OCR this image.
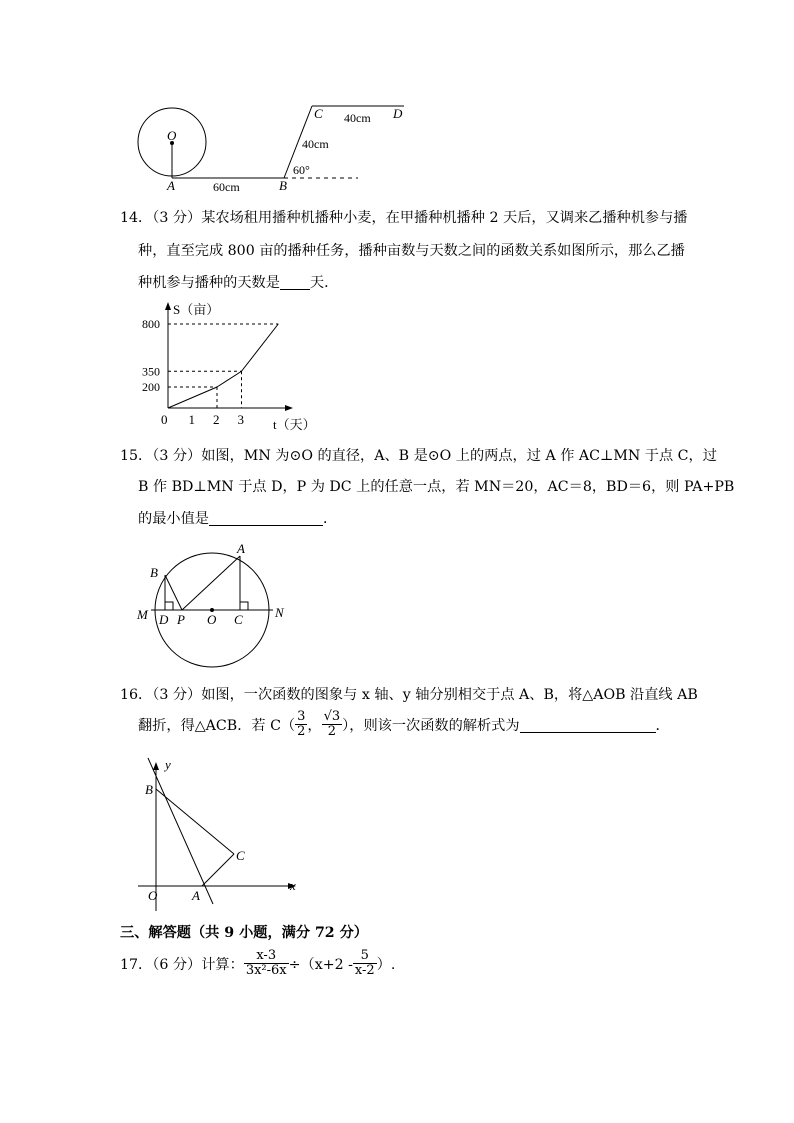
O
A	B
C	D
60cm
40cm
40cm
60°
14．（3 分）某农场租用播种机播种小麦，在甲播种机播种 2 天后，又调来乙播种机参与播
种，直至完成 800 亩的播种任务，播种亩数与天数之间的函数关系如图所示，那么乙播
种机参与播种的天数是 天．
S（亩）
t（天）
0 1 2 3
200
350
800
15．（3 分）如图，MN 为⊙O 的直径，A、B 是⊙O 上的两点，过 A 作 AC⊥MN 于点 C，过
B 作 BD⊥MN 于点 D，P 为 DC 上的任意一点，若 MN＝20，AC＝8，BD＝6，则 PA+PB
的最小值是	．
A
B
M D P O C N
16．（3 分）如图，一次函数的图象与 x 轴、y 轴分别相交于点 A、B，将△AOB 沿直线 AB
翻折，得△ACB．若 $C( \frac{3}{2}$ ， $\frac{√3}{2}$ ），则该一次函数的解析式为	．
y
x
B
C
O	A
三、解答题（共 9 小题，满分 72 分）
17．（6 分）计算： $\frac{x-3}{\text{3x²-6x}} \div(x+2 - \frac{5}{x-2}$ ）.
